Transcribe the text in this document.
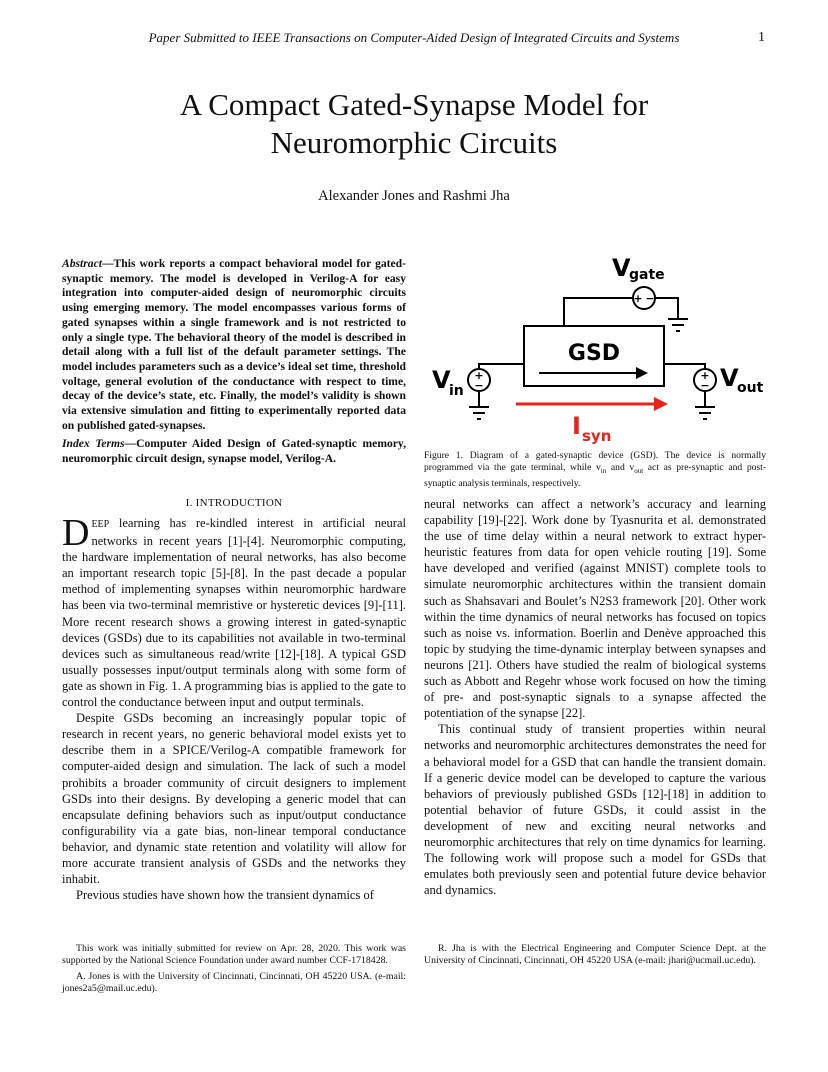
Paper Submitted to IEEE Transactions on Computer-Aided Design of Integrated Circuits and Systems	1
A Compact Gated-Synapse Model for
Neuromorphic Circuits
Alexander Jones and Rashmi Jha
Abstract—This work reports a compact behavioral model for gated-synaptic memory. The model is developed in Verilog-A for easy integration into computer-aided design of neuromorphic circuits using emerging memory. The model encompasses various forms of gated synapses within a single framework and is not restricted to only a single type. The behavioral theory of the model is described in detail along with a full list of the default parameter settings. The model includes parameters such as a device’s ideal set time, threshold voltage, general evolution of the conductance with respect to time, decay of the device’s state, etc. Finally, the model’s validity is shown via extensive simulation and fitting to experimentally reported data on published gated-synapses.
Index Terms—Computer Aided Design of Gated-synaptic memory, neuromorphic circuit design, synapse model, Verilog-A.
I. INTRODUCTION

DEEP learning has re-kindled interest in artificial neural networks in recent years [1]-[4]. Neuromorphic computing, the hardware implementation of neural networks, has also become an important research topic [5]-[8]. In the past decade a popular method of implementing synapses within neuromorphic hardware has been via two-terminal memristive or hysteretic devices [9]-[11]. More recent research shows a growing interest in gated-synaptic devices (GSDs) due to its capabilities not available in two-terminal devices such as simultaneous read/write [12]-[18]. A typical GSD usually possesses input/output terminals along with some form of gate as shown in Fig. 1. A programming bias is applied to the gate to control the conductance between input and output terminals.

Despite GSDs becoming an increasingly popular topic of research in recent years, no generic behavioral model exists yet to describe them in a SPICE/Verilog-A compatible framework for computer-aided design and simulation. The lack of such a model prohibits a broader community of circuit designers to implement GSDs into their designs. By developing a generic model that can encapsulate defining behaviors such as input/output conductance configurability via a gate bias, non-linear temporal conductance behavior, and dynamic state retention and volatility will allow for more accurate transient analysis of GSDs and the networks they inhabit.

Previous studies have shown how the transient dynamics of

+ −
+
−
+
−
GSD
V
gate
V
in	V
out
I syn
Figure 1. Diagram of a gated-synaptic device (GSD). The device is normally programmed via the gate terminal, while $v_{in}$ and $v_{out}$ act as pre-synaptic and post-synaptic analysis terminals, respectively.

neural networks can affect a network’s accuracy and learning capability [19]-[22]. Work done by Tyasnurita et al. demonstrated the use of time delay within a neural network to extract hyper-heuristic features from data for open vehicle routing [19]. Some have developed and verified (against MNIST) complete tools to simulate neuromorphic architectures within the transient domain such as Shahsavari and Boulet’s N2S3 framework [20]. Other work within the time dynamics of neural networks has focused on topics such as noise vs. information. Boerlin and Denève approached this topic by studying the time-dynamic interplay between synapses and neurons [21]. Others have studied the realm of biological systems such as Abbott and Regehr whose work focused on how the timing of pre- and post-synaptic signals to a synapse affected the potentiation of the synapse [22].

This continual study of transient properties within neural networks and neuromorphic architectures demonstrates the need for a behavioral model for a GSD that can handle the transient domain. If a generic device model can be developed to capture the various behaviors of previously published GSDs [12]-[18] in addition to potential behavior of future GSDs, it could assist in the development of new and exciting neural networks and neuromorphic architectures that rely on time dynamics for learning. The following work will propose such a model for GSDs that emulates both previously seen and potential future device behavior and dynamics.

This work was initially submitted for review on Apr. 28, 2020. This work was supported by the National Science Foundation under award number CCF-1718428.

A. Jones is with the University of Cincinnati, Cincinnati, OH 45220 USA. (e-mail: jones2a5@mail.uc.edu).

R. Jha is with the Electrical Engineering and Computer Science Dept. at the University of Cincinnati, Cincinnati, OH 45220 USA (e-mail: jhari@ucmail.uc.edu).
